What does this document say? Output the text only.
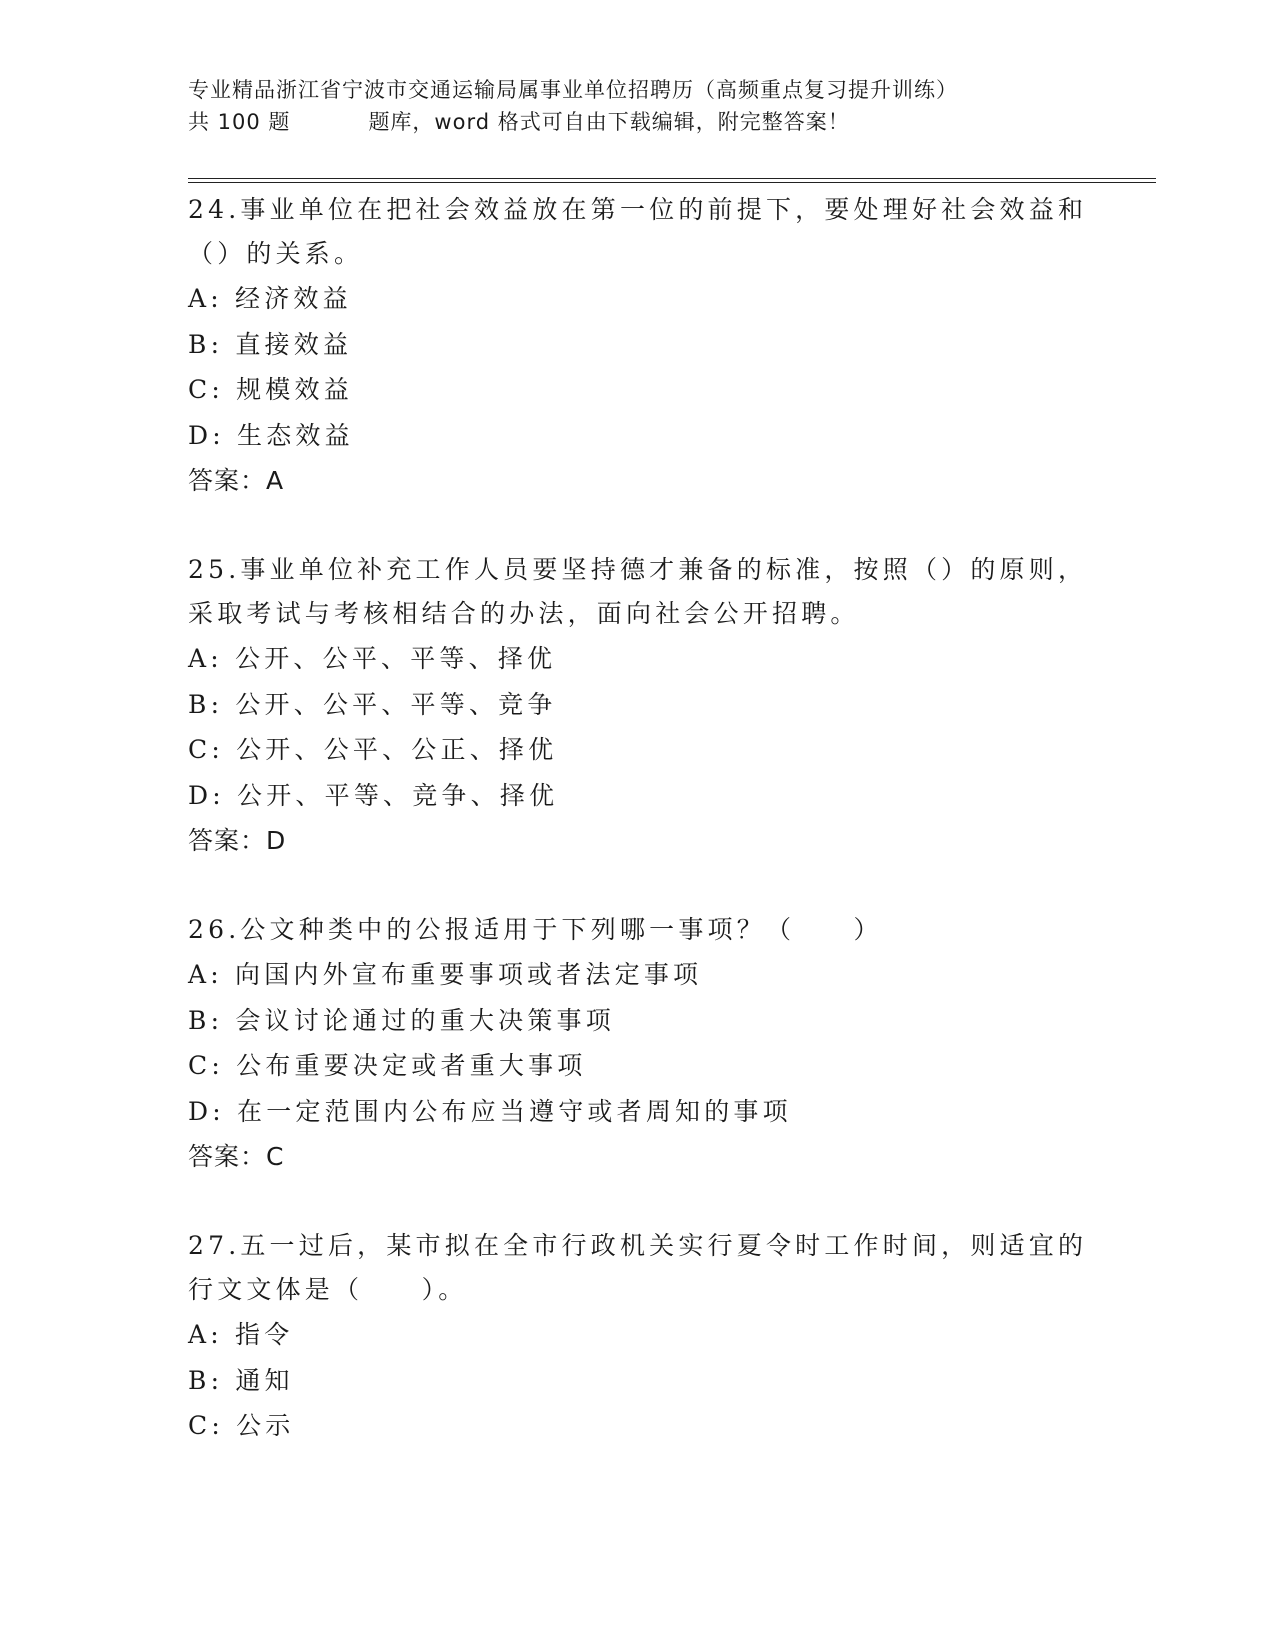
专业精品浙江省宁波市交通运输局属事业单位招聘历（高频重点复习提升训练）
共 100 题	题库，word 格式可自由下载编辑，附完整答案！

24.事业单位在把社会效益放在第一位的前提下，要处理好社会效益和（）的关系。

A: 经济效益
B: 直接效益
C: 规模效益
D: 生态效益
答案：A

25.事业单位补充工作人员要坚持德才兼备的标准，按照（）的原则，采取考试与考核相结合的办法，面向社会公开招聘。

A: 公开、公平、平等、择优
B: 公开、公平、平等、竞争
C: 公开、公平、公正、择优
D: 公开、平等、竞争、择优
答案：D

26.公文种类中的公报适用于下列哪一事项？（　　）

A: 向国内外宣布重要事项或者法定事项
B: 会议讨论通过的重大决策事项
C: 公布重要决定或者重大事项
D: 在一定范围内公布应当遵守或者周知的事项
答案：C

27.五一过后，某市拟在全市行政机关实行夏令时工作时间，则适宜的行文文体是（　　）。

A: 指令
B: 通知
C: 公示
